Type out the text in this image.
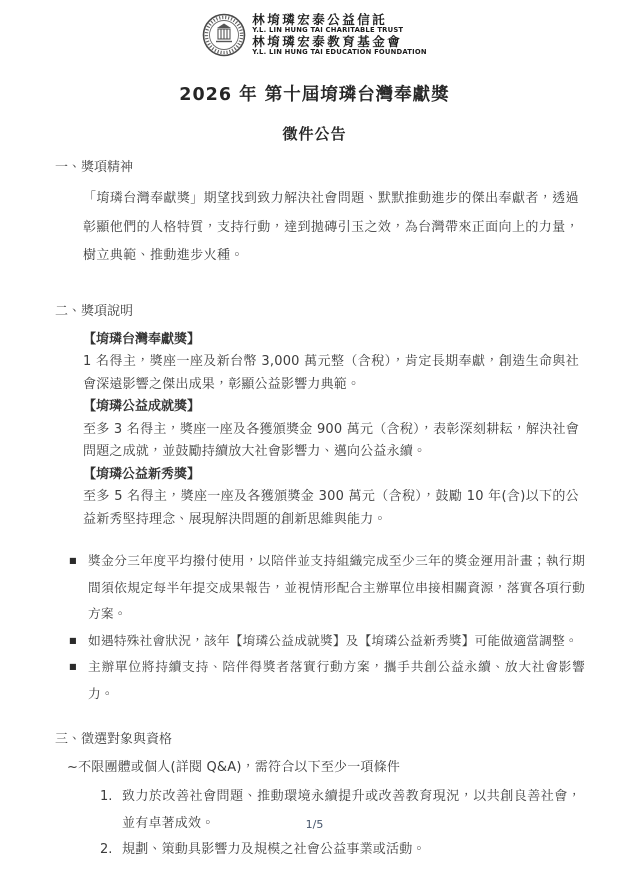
林堉璘宏泰公益信託
Y.L. LIN HUNG TAI CHARITABLE TRUST
林堉璘宏泰教育基金會
Y.L. LIN HUNG TAI EDUCATION FOUNDATION
2026 年 第十屆堉璘台灣奉獻獎
徵件公告
一、獎項精神
「堉璘台灣奉獻獎」期望找到致力解決社會問題、默默推動進步的傑出奉獻者，透過彰顯他們的人格特質，支持行動，達到拋磚引玉之效，為台灣帶來正面向上的力量，樹立典範、推動進步火種。
二、獎項說明
【堉璘台灣奉獻獎】
1 名得主，獎座一座及新台幣 3,000 萬元整（含稅），肯定長期奉獻，創造生命與社會深遠影響之傑出成果，彰顯公益影響力典範。
【堉璘公益成就獎】
至多 3 名得主，獎座一座及各獲頒獎金 900 萬元（含稅），表彰深刻耕耘，解決社會問題之成就，並鼓勵持續放大社會影響力、邁向公益永續。
【堉璘公益新秀獎】
至多 5 名得主，獎座一座及各獲頒獎金 300 萬元（含稅），鼓勵 10 年(含)以下的公益新秀堅持理念、展現解決問題的創新思維與能力。
■ 獎金分三年度平均撥付使用，以陪伴並支持組織完成至少三年的獎金運用計畫；執行期間須依規定每半年提交成果報告，並視情形配合主辦單位串接相關資源，落實各項行動方案。
■ 如遇特殊社會狀況，該年【堉璘公益成就獎】及【堉璘公益新秀獎】可能做適當調整。
■ 主辦單位將持續支持、陪伴得獎者落實行動方案，攜手共創公益永續、放大社會影響力。
三、徵選對象與資格
~不限團體或個人(詳閱 Q&A)，需符合以下至少一項條件
1. 致力於改善社會問題、推動環境永續提升或改善教育現況，以共創良善社會，並有卓著成效。
2. 規劃、策動具影響力及規模之社會公益事業或活動。
1/5
